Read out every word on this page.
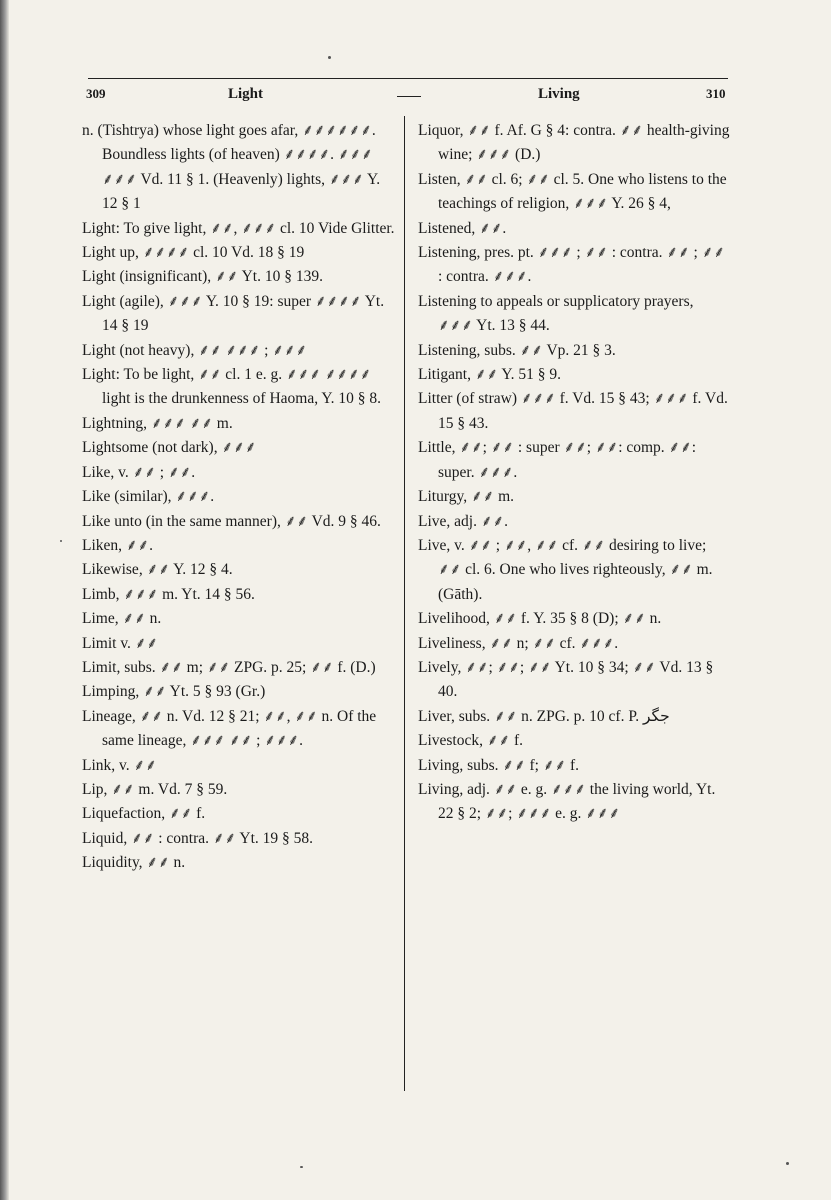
309	Light	Living	310
n. (Tishtrya) whose light goes afar, ⸙⸙⸙⸙⸙⸙. Boundless lights (of heaven) ⸙⸙⸙⸙. ⸙⸙⸙ ⸙⸙⸙ Vd. 11 § 1. (Heavenly) lights, ⸙⸙⸙ Y. 12 § 1
Light: To give light, ⸙⸙, ⸙⸙⸙ cl. 10 Vide Glitter.
Light up, ⸙⸙⸙⸙ cl. 10 Vd. 18 § 19
Light (insignificant), ⸙⸙ Yt. 10 § 139.
Light (agile), ⸙⸙⸙ Y. 10 § 19: super ⸙⸙⸙⸙ Yt. 14 § 19
Light (not heavy), ⸙⸙ ⸙⸙⸙ ; ⸙⸙⸙
Light: To be light, ⸙⸙ cl. 1 e. g. ⸙⸙⸙ ⸙⸙⸙⸙ light is the drunkenness of Haoma, Y. 10 § 8.
Lightning, ⸙⸙⸙ ⸙⸙ m.
Lightsome (not dark), ⸙⸙⸙
Like, v. ⸙⸙ ; ⸙⸙.
Like (similar), ⸙⸙⸙.
Like unto (in the same manner), ⸙⸙ Vd. 9 § 46.
Liken, ⸙⸙.
Likewise, ⸙⸙ Y. 12 § 4.
Limb, ⸙⸙⸙ m. Yt. 14 § 56.
Lime, ⸙⸙ n.
Limit v. ⸙⸙
Limit, subs. ⸙⸙ m; ⸙⸙ ZPG. p. 25; ⸙⸙ f. (D.)
Limping, ⸙⸙ Yt. 5 § 93 (Gr.)
Lineage, ⸙⸙ n. Vd. 12 § 21; ⸙⸙, ⸙⸙ n. Of the same lineage, ⸙⸙⸙ ⸙⸙ ; ⸙⸙⸙.
Link, v. ⸙⸙
Lip, ⸙⸙ m. Vd. 7 § 59.
Liquefaction, ⸙⸙ f.
Liquid, ⸙⸙ : contra. ⸙⸙ Yt. 19 § 58.
Liquidity, ⸙⸙ n.
Liquor, ⸙⸙ f. Af. G § 4: contra. ⸙⸙ health-giving wine; ⸙⸙⸙ (D.)
Listen, ⸙⸙ cl. 6; ⸙⸙ cl. 5. One who listens to the teachings of religion, ⸙⸙⸙ Y. 26 § 4,
Listened, ⸙⸙.
Listening, pres. pt. ⸙⸙⸙ ; ⸙⸙ : contra. ⸙⸙ ; ⸙⸙ : contra. ⸙⸙⸙.
Listening to appeals or supplicatory prayers, ⸙⸙⸙ Yt. 13 § 44.
Listening, subs. ⸙⸙ Vp. 21 § 3.
Litigant, ⸙⸙ Y. 51 § 9.
Litter (of straw) ⸙⸙⸙ f. Vd. 15 § 43; ⸙⸙⸙ f. Vd. 15 § 43.
Little, ⸙⸙; ⸙⸙ : super ⸙⸙; ⸙⸙: comp. ⸙⸙: super. ⸙⸙⸙.
Liturgy, ⸙⸙ m.
Live, adj. ⸙⸙.
Live, v. ⸙⸙ ; ⸙⸙, ⸙⸙ cf. ⸙⸙ desiring to live; ⸙⸙ cl. 6. One who lives righteously, ⸙⸙ m. (Gāth).
Livelihood, ⸙⸙ f. Y. 35 § 8 (D); ⸙⸙ n.
Liveliness, ⸙⸙ n; ⸙⸙ cf. ⸙⸙⸙.
Lively, ⸙⸙; ⸙⸙; ⸙⸙ Yt. 10 § 34; ⸙⸙ Vd. 13 § 40.
Liver, subs. ⸙⸙ n. ZPG. p. 10 cf. P. جگر
Livestock, ⸙⸙ f.
Living, subs. ⸙⸙ f; ⸙⸙ f.
Living, adj. ⸙⸙ e. g. ⸙⸙⸙ the living world, Yt. 22 § 2; ⸙⸙; ⸙⸙⸙ e. g. ⸙⸙⸙
